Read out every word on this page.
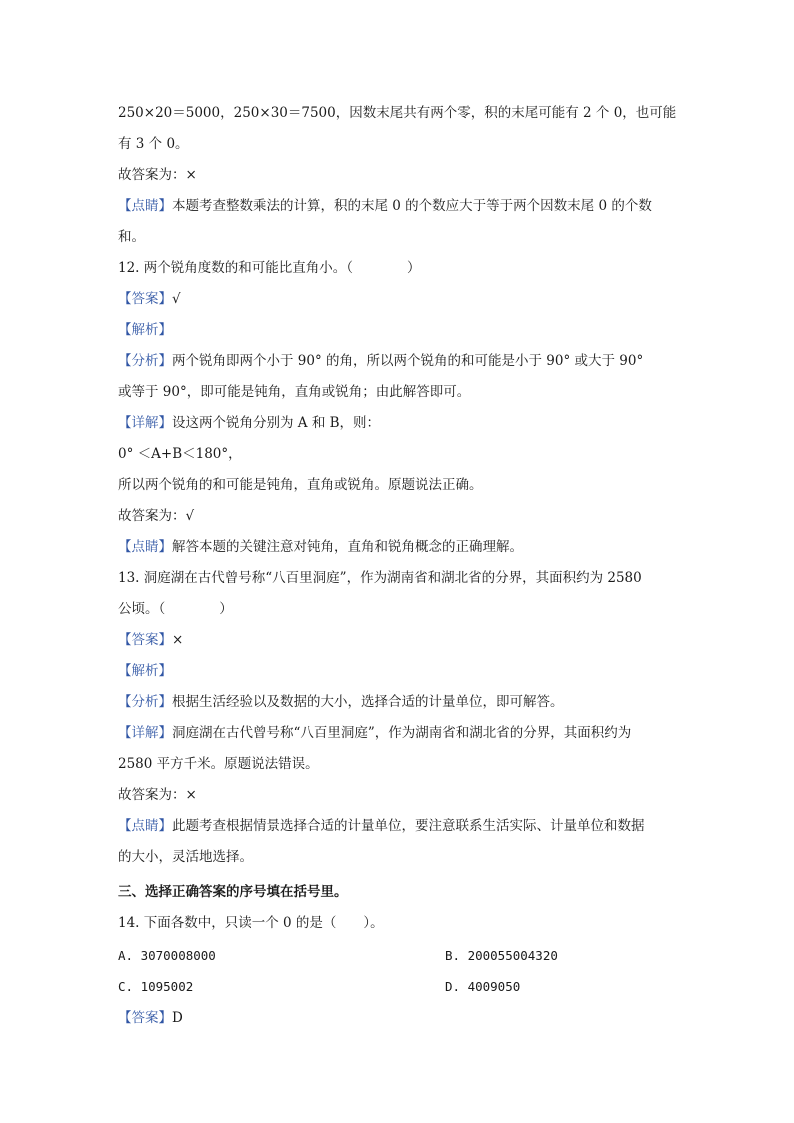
250×20＝5000，250×30＝7500，因数末尾共有两个零，积的末尾可能有 2 个 0，也可能
有 3 个 0。
故答案为：×
【点睛】本题考查整数乘法的计算，积的末尾 0 的个数应大于等于两个因数末尾 0 的个数
和。
12. 两个锐角度数的和可能比直角小。（　　　　）
【答案】√
【解析】
【分析】两个锐角即两个小于 90° 的角，所以两个锐角的和可能是小于 90° 或大于 90°
或等于 90°，即可能是钝角，直角或锐角；由此解答即可。
【详解】设这两个锐角分别为 A 和 B，则：
0° ＜A+B＜180°，
所以两个锐角的和可能是钝角，直角或锐角。原题说法正确。
故答案为：√
【点睛】解答本题的关键注意对钝角，直角和锐角概念的正确理解。
13. 洞庭湖在古代曾号称“八百里洞庭”，作为湖南省和湖北省的分界，其面积约为 2580
公顷。（　　　　）
【答案】×
【解析】
【分析】根据生活经验以及数据的大小，选择合适的计量单位，即可解答。
【详解】洞庭湖在古代曾号称“八百里洞庭”，作为湖南省和湖北省的分界，其面积约为
2580 平方千米。原题说法错误。
故答案为：×
【点睛】此题考查根据情景选择合适的计量单位，要注意联系生活实际、计量单位和数据
的大小，灵活地选择。
三、选择正确答案的序号填在括号里。
14. 下面各数中，只读一个 0 的是（　　）。
A. 3070008000	B. 200055004320
C. 1095002	D. 4009050
【答案】D
